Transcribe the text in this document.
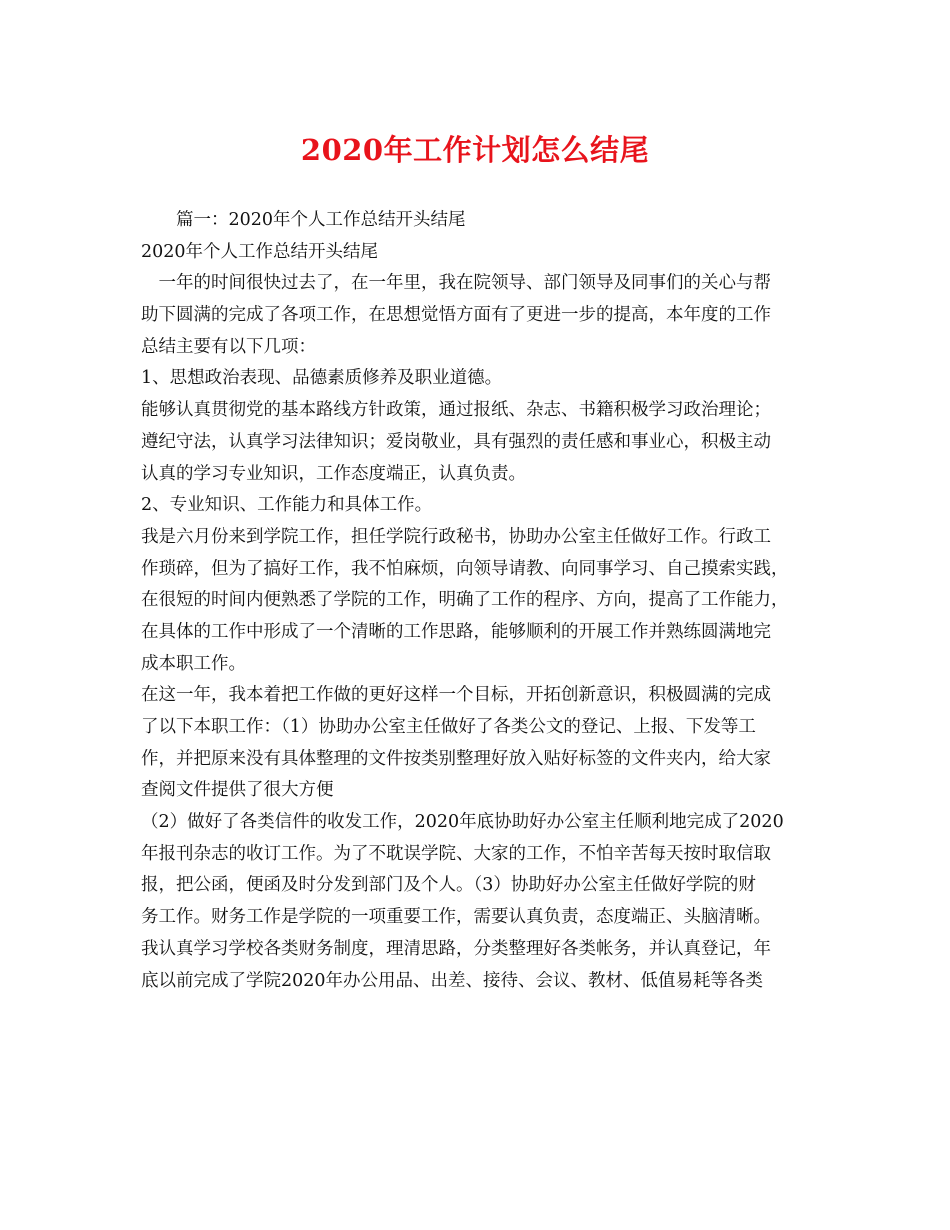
2020年工作计划怎么结尾
　　篇一：2020年个人工作总结开头结尾
2020年个人工作总结开头结尾
　一年的时间很快过去了，在一年里，我在院领导、部门领导及同事们的关心与帮
助下圆满的完成了各项工作，在思想觉悟方面有了更进一步的提高，本年度的工作
总结主要有以下几项：
1、思想政治表现、品德素质修养及职业道德。
能够认真贯彻党的基本路线方针政策，通过报纸、杂志、书籍积极学习政治理论；
遵纪守法，认真学习法律知识；爱岗敬业，具有强烈的责任感和事业心，积极主动
认真的学习专业知识，工作态度端正，认真负责。
2、专业知识、工作能力和具体工作。
我是六月份来到学院工作，担任学院行政秘书，协助办公室主任做好工作。行政工
作琐碎，但为了搞好工作，我不怕麻烦，向领导请教、向同事学习、自己摸索实践，
在很短的时间内便熟悉了学院的工作，明确了工作的程序、方向，提高了工作能力，
在具体的工作中形成了一个清晰的工作思路，能够顺利的开展工作并熟练圆满地完
成本职工作。
在这一年，我本着把工作做的更好这样一个目标，开拓创新意识，积极圆满的完成
了以下本职工作：（1）协助办公室主任做好了各类公文的登记、上报、下发等工
作，并把原来没有具体整理的文件按类别整理好放入贴好标签的文件夹内，给大家
查阅文件提供了很大方便
（2）做好了各类信件的收发工作，2020年底协助好办公室主任顺利地完成了2020
年报刊杂志的收订工作。为了不耽误学院、大家的工作，不怕辛苦每天按时取信取
报，把公函，便函及时分发到部门及个人。（3）协助好办公室主任做好学院的财
务工作。财务工作是学院的一项重要工作，需要认真负责，态度端正、头脑清晰。
我认真学习学校各类财务制度，理清思路，分类整理好各类帐务，并认真登记，年
底以前完成了学院2020年办公用品、出差、接待、会议、教材、低值易耗等各类
